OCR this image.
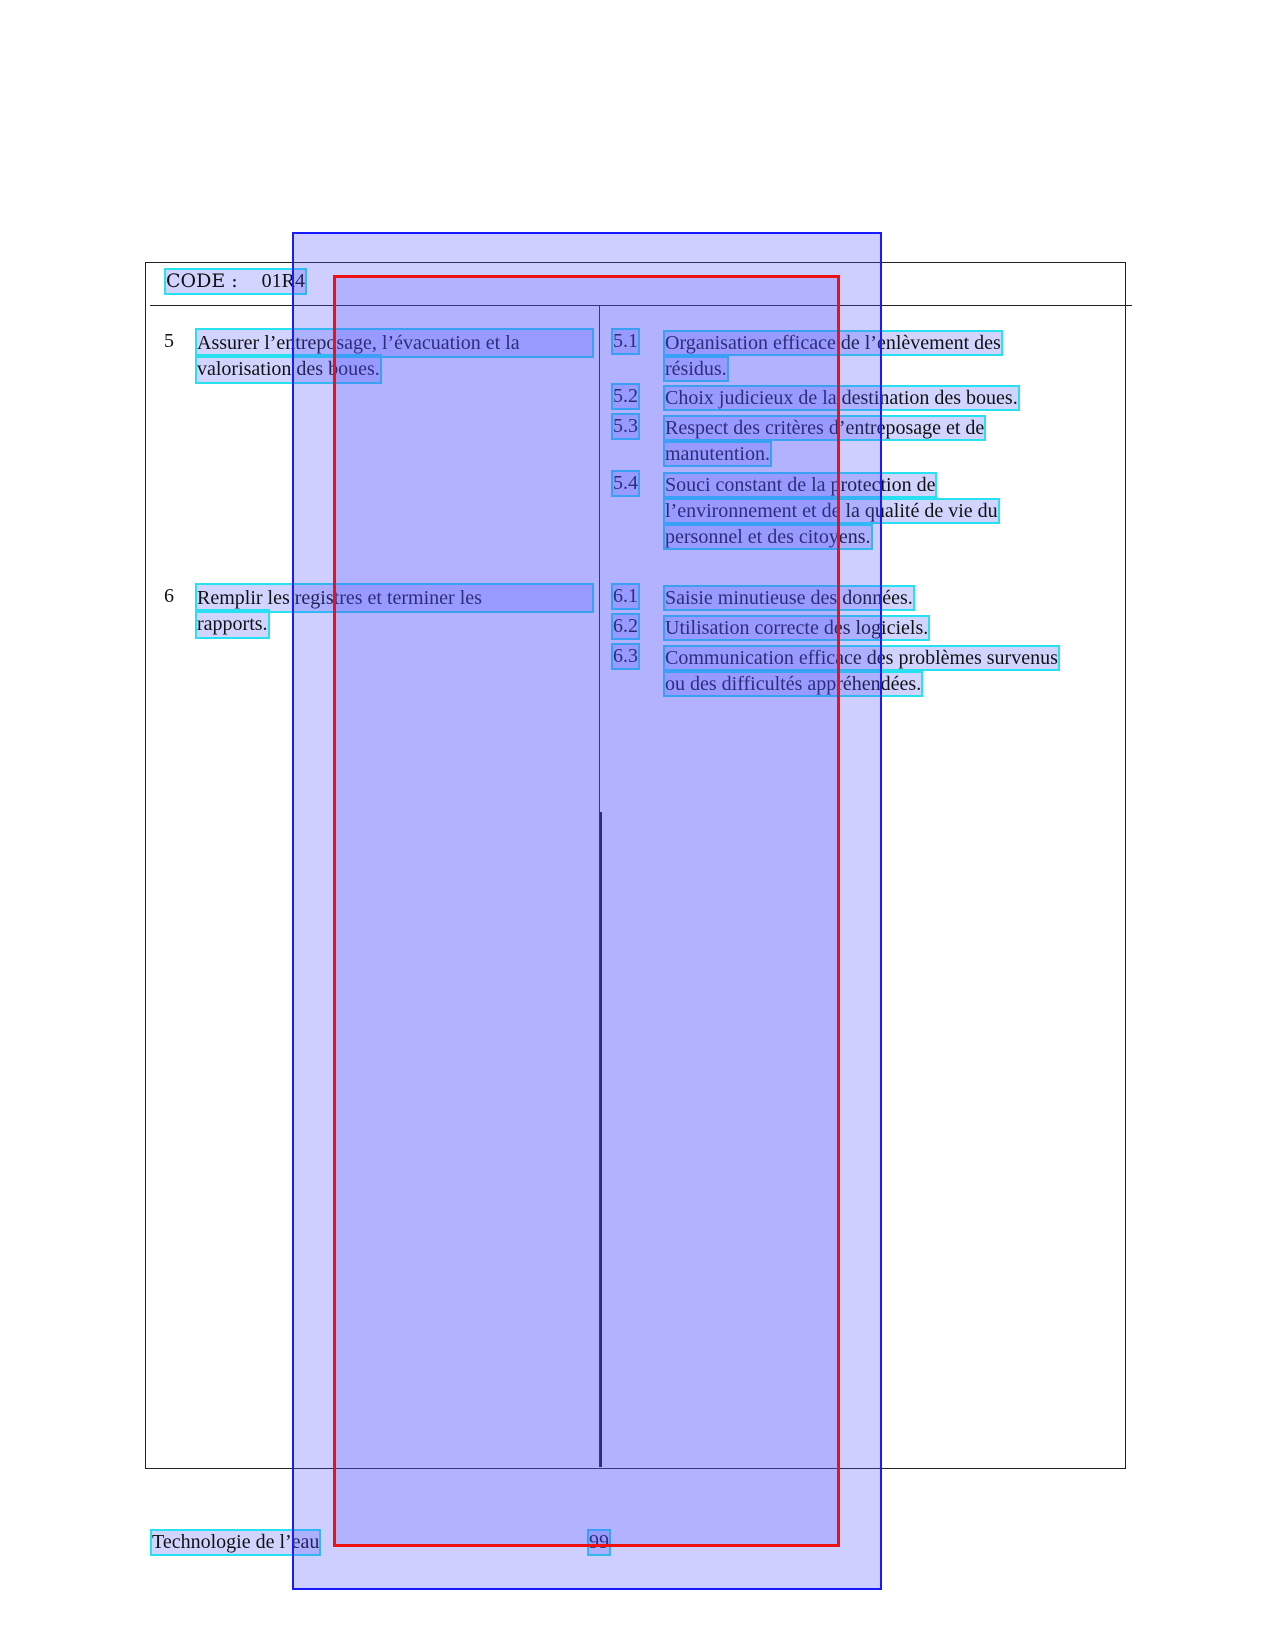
CODE : 01R4
5 Assurer l’entreposage, l’évacuation et la
valorisation des boues.
6 Remplir les registres et terminer les
rapports.
5.1 Organisation efficace de l’enlèvement des
résidus.
5.2 Choix judicieux de la destination des boues.
5.3 Respect des critères d’entreposage et de
manutention.
5.4 Souci constant de la protection de
l’environnement et de la qualité de vie du
personnel et des citoyens.
6.1 Saisie minutieuse des données.
6.2 Utilisation correcte des logiciels.
6.3 Communication efficace des problèmes survenus
ou des difficultés appréhendées.
Technologie de l’eau	99
